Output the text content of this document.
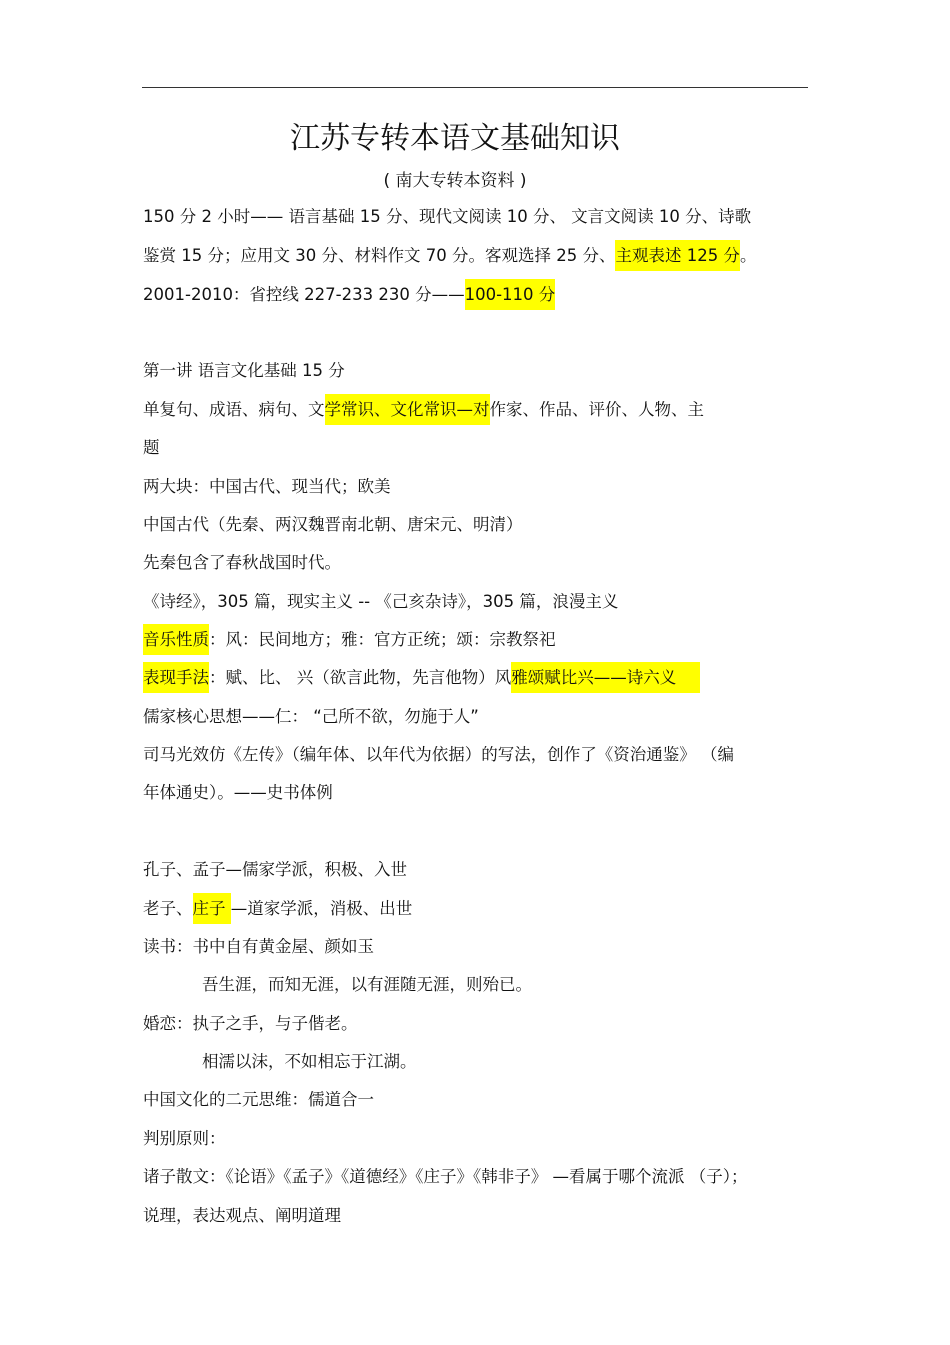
江苏专转本语文基础知识
( 南大专转本资料 )
150 分 2 小时—— 语言基础 15 分、现代文阅读 10 分、 文言文阅读 10 分、诗歌
鉴赏 15 分；应用文 30 分、材料作文 70 分。客观选择 25 分、主观表述 125 分。
2001-2010：省控线 227-233 230 分——100-110 分
第一讲 语言文化基础 15 分
单复句、成语、病句、文学常识、文化常识—对作家、作品、评价、人物、主
题
两大块：中国古代、现当代；欧美
中国古代（先秦、两汉魏晋南北朝、唐宋元、明清）
先秦包含了春秋战国时代。
《诗经》，305 篇，现实主义 -- 《己亥杂诗》，305 篇，浪漫主义
音乐性质：风：民间地方；雅：官方正统；颂：宗教祭祀
表现手法：赋、比、 兴（欲言此物，先言他物）风雅颂赋比兴——诗六义
儒家核心思想——仁： “己所不欲，勿施于人”
司马光效仿《左传》（编年体、以年代为依据）的写法，创作了《资治通鉴》 （编
年体通史）。——史书体例
孔子、孟子—儒家学派，积极、入世
老子、庄子 —道家学派，消极、出世
读书：书中自有黄金屋、颜如玉
吾生涯，而知无涯，以有涯随无涯，则殆已。
婚恋：执子之手，与子偕老。
相濡以沫，不如相忘于江湖。
中国文化的二元思维：儒道合一
判别原则：
诸子散文：《论语》《孟子》《道德经》《庄子》《韩非子》 —看属于哪个流派 （子）；
说理，表达观点、阐明道理
